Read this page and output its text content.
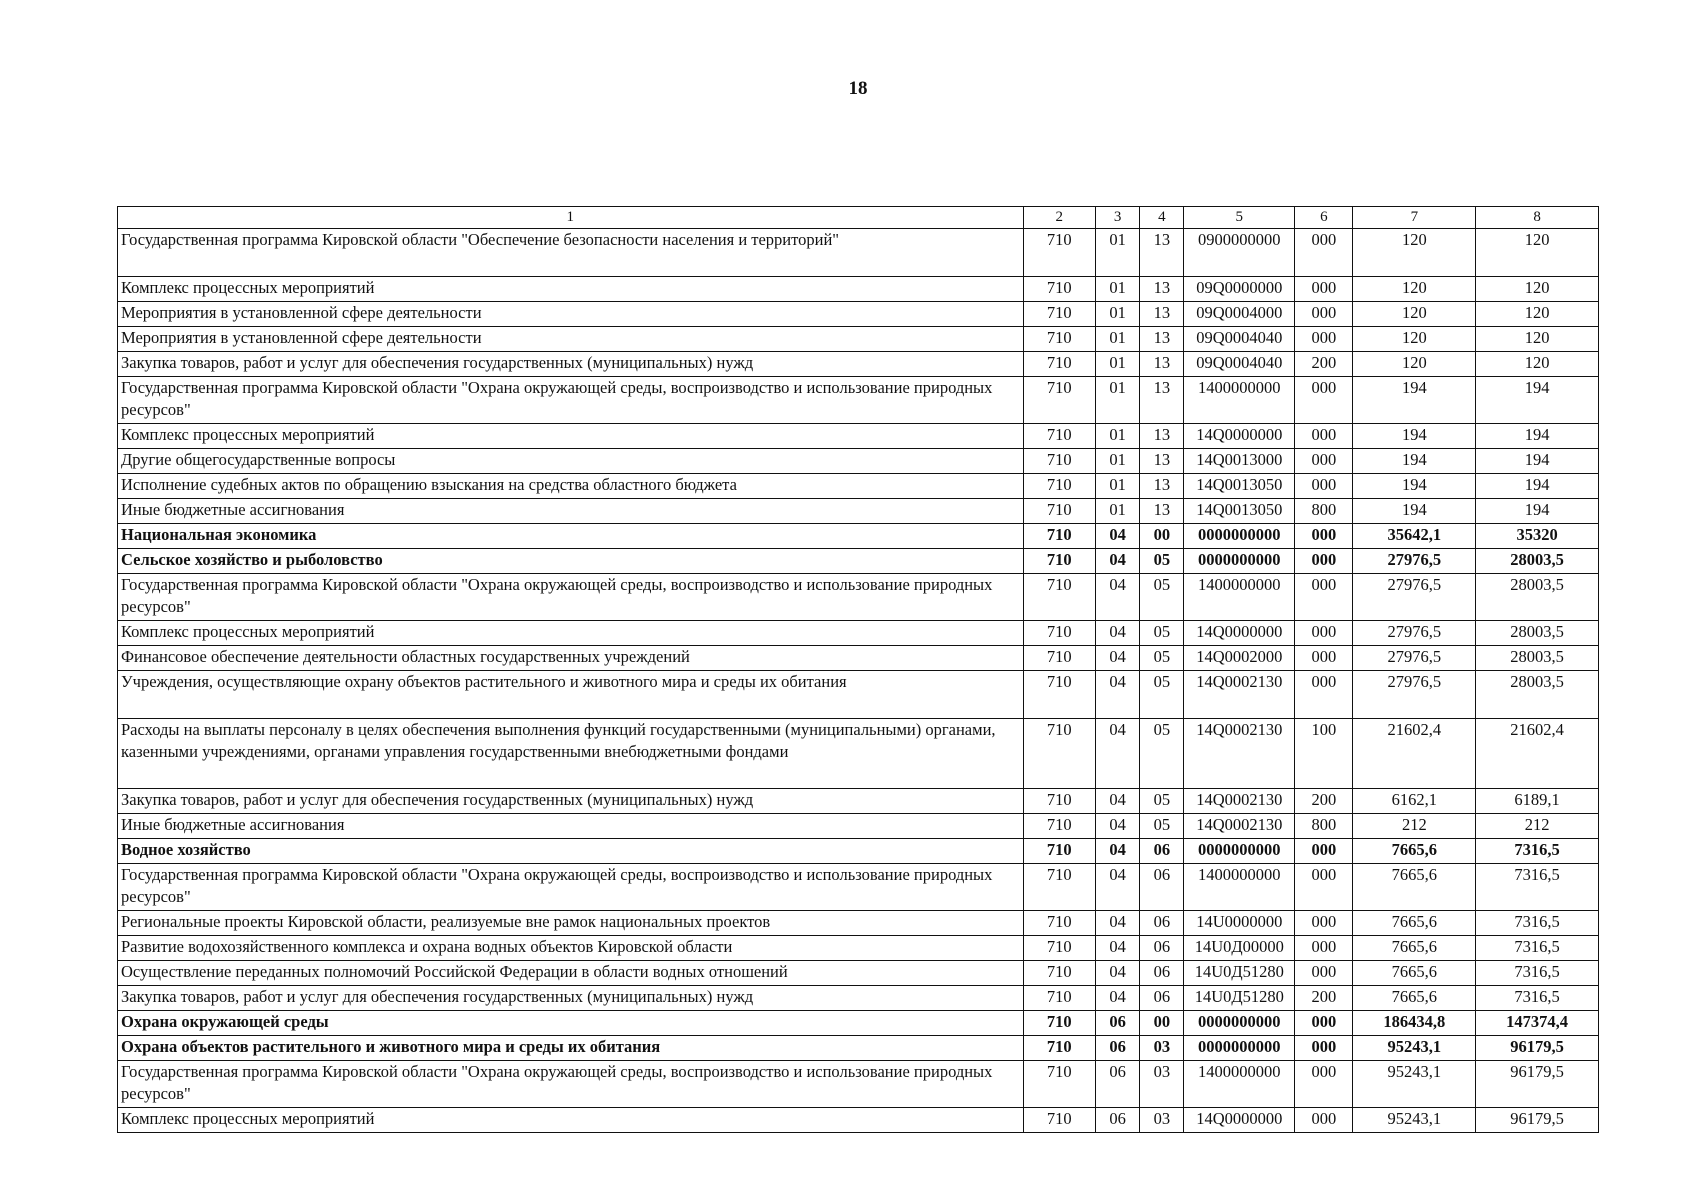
18
1	2	3	4	5	6	7	8
Государственная программа Кировской области "Обеспечение безопасности населения и территорий"	710	01	13	0900000000	000	120	120
Комплекс процессных мероприятий	710	01	13	09Q0000000	000	120	120
Мероприятия в установленной сфере деятельности	710	01	13	09Q0004000	000	120	120
Мероприятия в установленной сфере деятельности	710	01	13	09Q0004040	000	120	120
Закупка товаров, работ и услуг для обеспечения государственных (муниципальных) нужд	710	01	13	09Q0004040	200	120	120
Государственная программа Кировской области "Охрана окружающей среды, воспроизводство и использование природных ресурсов"	710	01	13	1400000000	000	194	194
Комплекс процессных мероприятий	710	01	13	14Q0000000	000	194	194
Другие общегосударственные вопросы	710	01	13	14Q0013000	000	194	194
Исполнение судебных актов по обращению взыскания на средства областного бюджета	710	01	13	14Q0013050	000	194	194
Иные бюджетные ассигнования	710	01	13	14Q0013050	800	194	194
Национальная экономика	710	04	00	0000000000	000	35642,1	35320
Сельское хозяйство и рыболовство	710	04	05	0000000000	000	27976,5	28003,5
Государственная программа Кировской области "Охрана окружающей среды, воспроизводство и использование природных ресурсов"	710	04	05	1400000000	000	27976,5	28003,5
Комплекс процессных мероприятий	710	04	05	14Q0000000	000	27976,5	28003,5
Финансовое обеспечение деятельности областных государственных учреждений	710	04	05	14Q0002000	000	27976,5	28003,5
Учреждения, осуществляющие охрану объектов растительного и животного мира и среды их обитания	710	04	05	14Q0002130	000	27976,5	28003,5
Расходы на выплаты персоналу в целях обеспечения выполнения функций государственными (муниципальными) органами, казенными учреждениями, органами управления государственными внебюджетными фондами	710	04	05	14Q0002130	100	21602,4	21602,4
Закупка товаров, работ и услуг для обеспечения государственных (муниципальных) нужд	710	04	05	14Q0002130	200	6162,1	6189,1
Иные бюджетные ассигнования	710	04	05	14Q0002130	800	212	212
Водное хозяйство	710	04	06	0000000000	000	7665,6	7316,5
Государственная программа Кировской области "Охрана окружающей среды, воспроизводство и использование природных ресурсов"	710	04	06	1400000000	000	7665,6	7316,5
Региональные проекты Кировской области, реализуемые вне рамок национальных проектов	710	04	06	14U0000000	000	7665,6	7316,5
Развитие водохозяйственного комплекса и охрана водных объектов Кировской области	710	04	06	14U0Д00000	000	7665,6	7316,5
Осуществление переданных полномочий Российской Федерации в области водных отношений	710	04	06	14U0Д51280	000	7665,6	7316,5
Закупка товаров, работ и услуг для обеспечения государственных (муниципальных) нужд	710	04	06	14U0Д51280	200	7665,6	7316,5
Охрана окружающей среды	710	06	00	0000000000	000	186434,8	147374,4
Охрана объектов растительного и животного мира и среды их обитания	710	06	03	0000000000	000	95243,1	96179,5
Государственная программа Кировской области "Охрана окружающей среды, воспроизводство и использование природных ресурсов"	710	06	03	1400000000	000	95243,1	96179,5
Комплекс процессных мероприятий	710	06	03	14Q0000000	000	95243,1	96179,5
